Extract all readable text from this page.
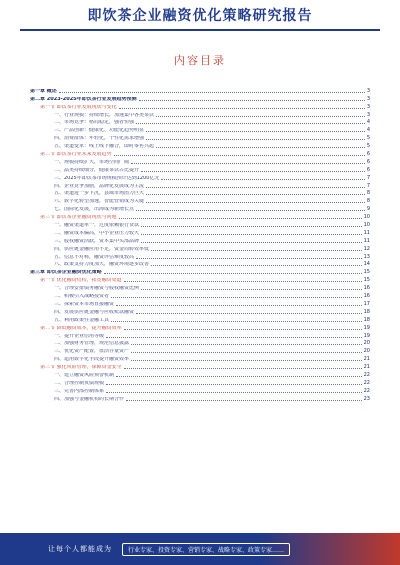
即饮茶企业融资优化策略研究报告
内容目录
第一章 概述	3
第二章 2023-2025年即饮茶行业发展趋势预测	3
第一节 即饮茶行业发展现状与变化	3
一、行业规模：持续增长，加速集中各类茶饮	3
二、市场竞争：格局稳定，强者恒强	4
三、产品创新：健康化、功能化趋势明显	4
四、消费群体：年轻化，个性化需求增强	5
五、渠道变革：线上线下融合，即时零售兴起	5
第二节 即饮茶行业未来发展趋势	6
一、规模持续扩大，市场空间广阔	6
二、品类持续细分，健康茶饮占比提升	6
三、2025年即饮茶市场规模预计达到1200亿元	7
四、企业竞争加剧，品牌化发展成为主流	7
五、渠道进一步下沉，县域市场潜力巨大	8
六、数字化转型加速，智能营销成为关键	8
七、国际化发展，出海成为新增长点	9
第三节 即饮茶企业融资现状与问题	10
一、融资渠道单一，过度依赖银行贷款	10
二、融资成本偏高，中小企业压力较大	11
三、股权融资活跃，资本集中头部品牌	11
四、供应链金融应用不足，资金周转效率低	12
五、信息不对称，融资评估难度较高	13
六、政策支持力度加大，融资环境逐步改善	14
第三章 即饮茶企业融资优化策略	15
第一节 优化融资结构，拓宽融资渠道	15
一、合理安排债务融资与股权融资比例	16
二、积极引入战略投资者	16
三、探索资本市场直接融资	17
四、发展供应链金融与应收账款融资	18
五、利用政策性金融工具	18
第二节 降低融资成本，提升融资效率	19
一、提升企业信用等级	19
二、加强财务管理，规范信息披露	20
三、优化资产配置，盘活存量资产	20
四、运用数字化手段提升融资效率	21
第三节 强化风险管理，保障资金安全	21
一、建立融资风险预警机制	22
二、合理控制负债规模	22
三、完善内部控制体系	22
四、加强与金融机构的长期合作	23
让每个人都能成为	行业专家、投资专家、营销专家、战略专家、政策专家……
